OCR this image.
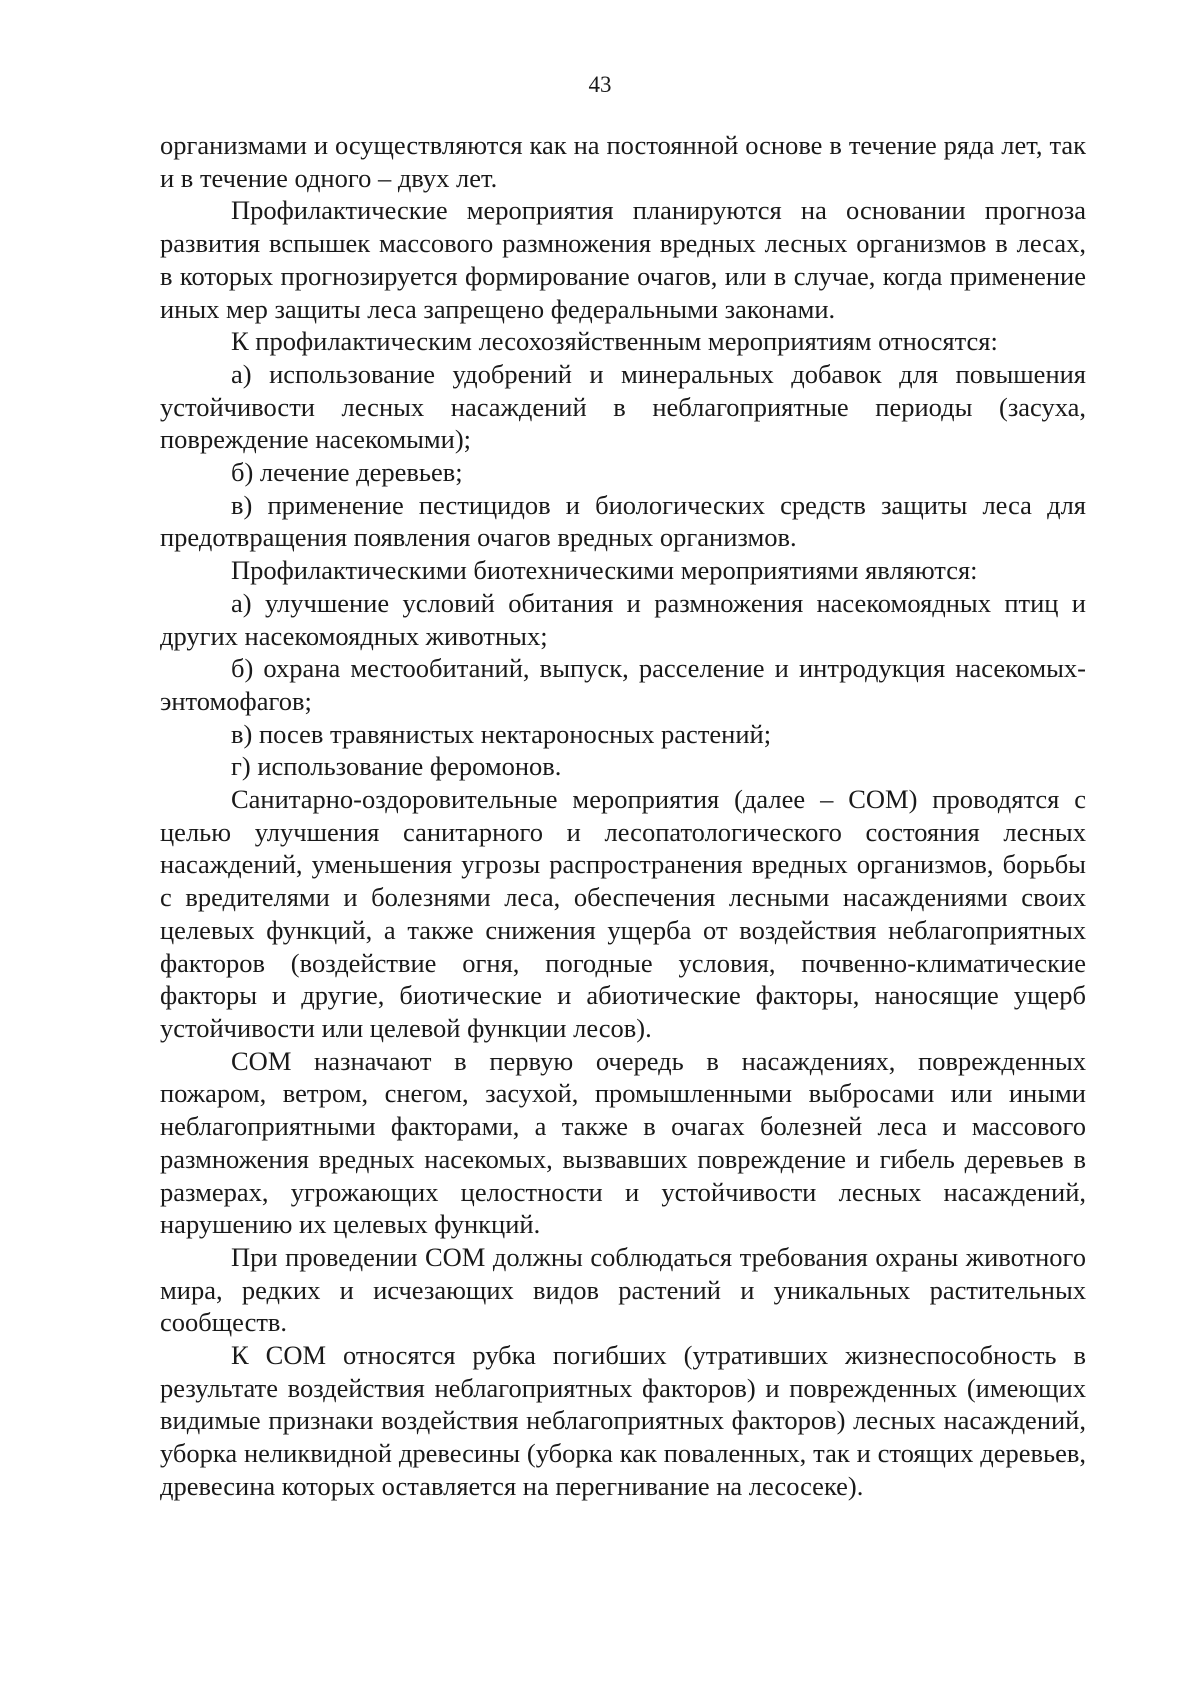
43

организмами и осуществляются как на постоянной основе в течение ряда лет, так и в течение одного – двух лет.

Профилактические мероприятия планируются на основании прогноза развития вспышек массового размножения вредных лесных организмов в лесах, в которых прогнозируется формирование очагов, или в случае, когда применение иных мер защиты леса запрещено федеральными законами.

К профилактическим лесохозяйственным мероприятиям относятся:

а) использование удобрений и минеральных добавок для повышения устойчивости лесных насаждений в неблагоприятные периоды (засуха, повреждение насекомыми);

б) лечение деревьев;

в) применение пестицидов и биологических средств защиты леса для предотвращения появления очагов вредных организмов.

Профилактическими биотехническими мероприятиями являются:

а) улучшение условий обитания и размножения насекомоядных птиц и других насекомоядных животных;

б) охрана местообитаний, выпуск, расселение и интродукция насекомых-энтомофагов;

в) посев травянистых нектароносных растений;

г) использование феромонов.

Санитарно-оздоровительные мероприятия (далее – СОМ) проводятся с целью улучшения санитарного и лесопатологического состояния лесных насаждений, уменьшения угрозы распространения вредных организмов, борьбы с вредителями и болезнями леса, обеспечения лесными насаждениями своих целевых функций, а также снижения ущерба от воздействия неблагоприятных факторов (воздействие огня, погодные условия, почвенно-климатические факторы и другие, биотические и абиотические факторы, наносящие ущерб устойчивости или целевой функции лесов).

СОМ назначают в первую очередь в насаждениях, поврежденных пожаром, ветром, снегом, засухой, промышленными выбросами или иными неблагоприятными факторами, а также в очагах болезней леса и массового размножения вредных насекомых, вызвавших повреждение и гибель деревьев в размерах, угрожающих целостности и устойчивости лесных насаждений, нарушению их целевых функций.

При проведении СОМ должны соблюдаться требования охраны животного мира, редких и исчезающих видов растений и уникальных растительных сообществ.

К СОМ относятся рубка погибших (утративших жизнеспособность в результате воздействия неблагоприятных факторов) и поврежденных (имеющих видимые признаки воздействия неблагоприятных факторов) лесных насаждений, уборка неликвидной древесины (уборка как поваленных, так и стоящих деревьев, древесина которых оставляется на перегнивание на лесосеке).
